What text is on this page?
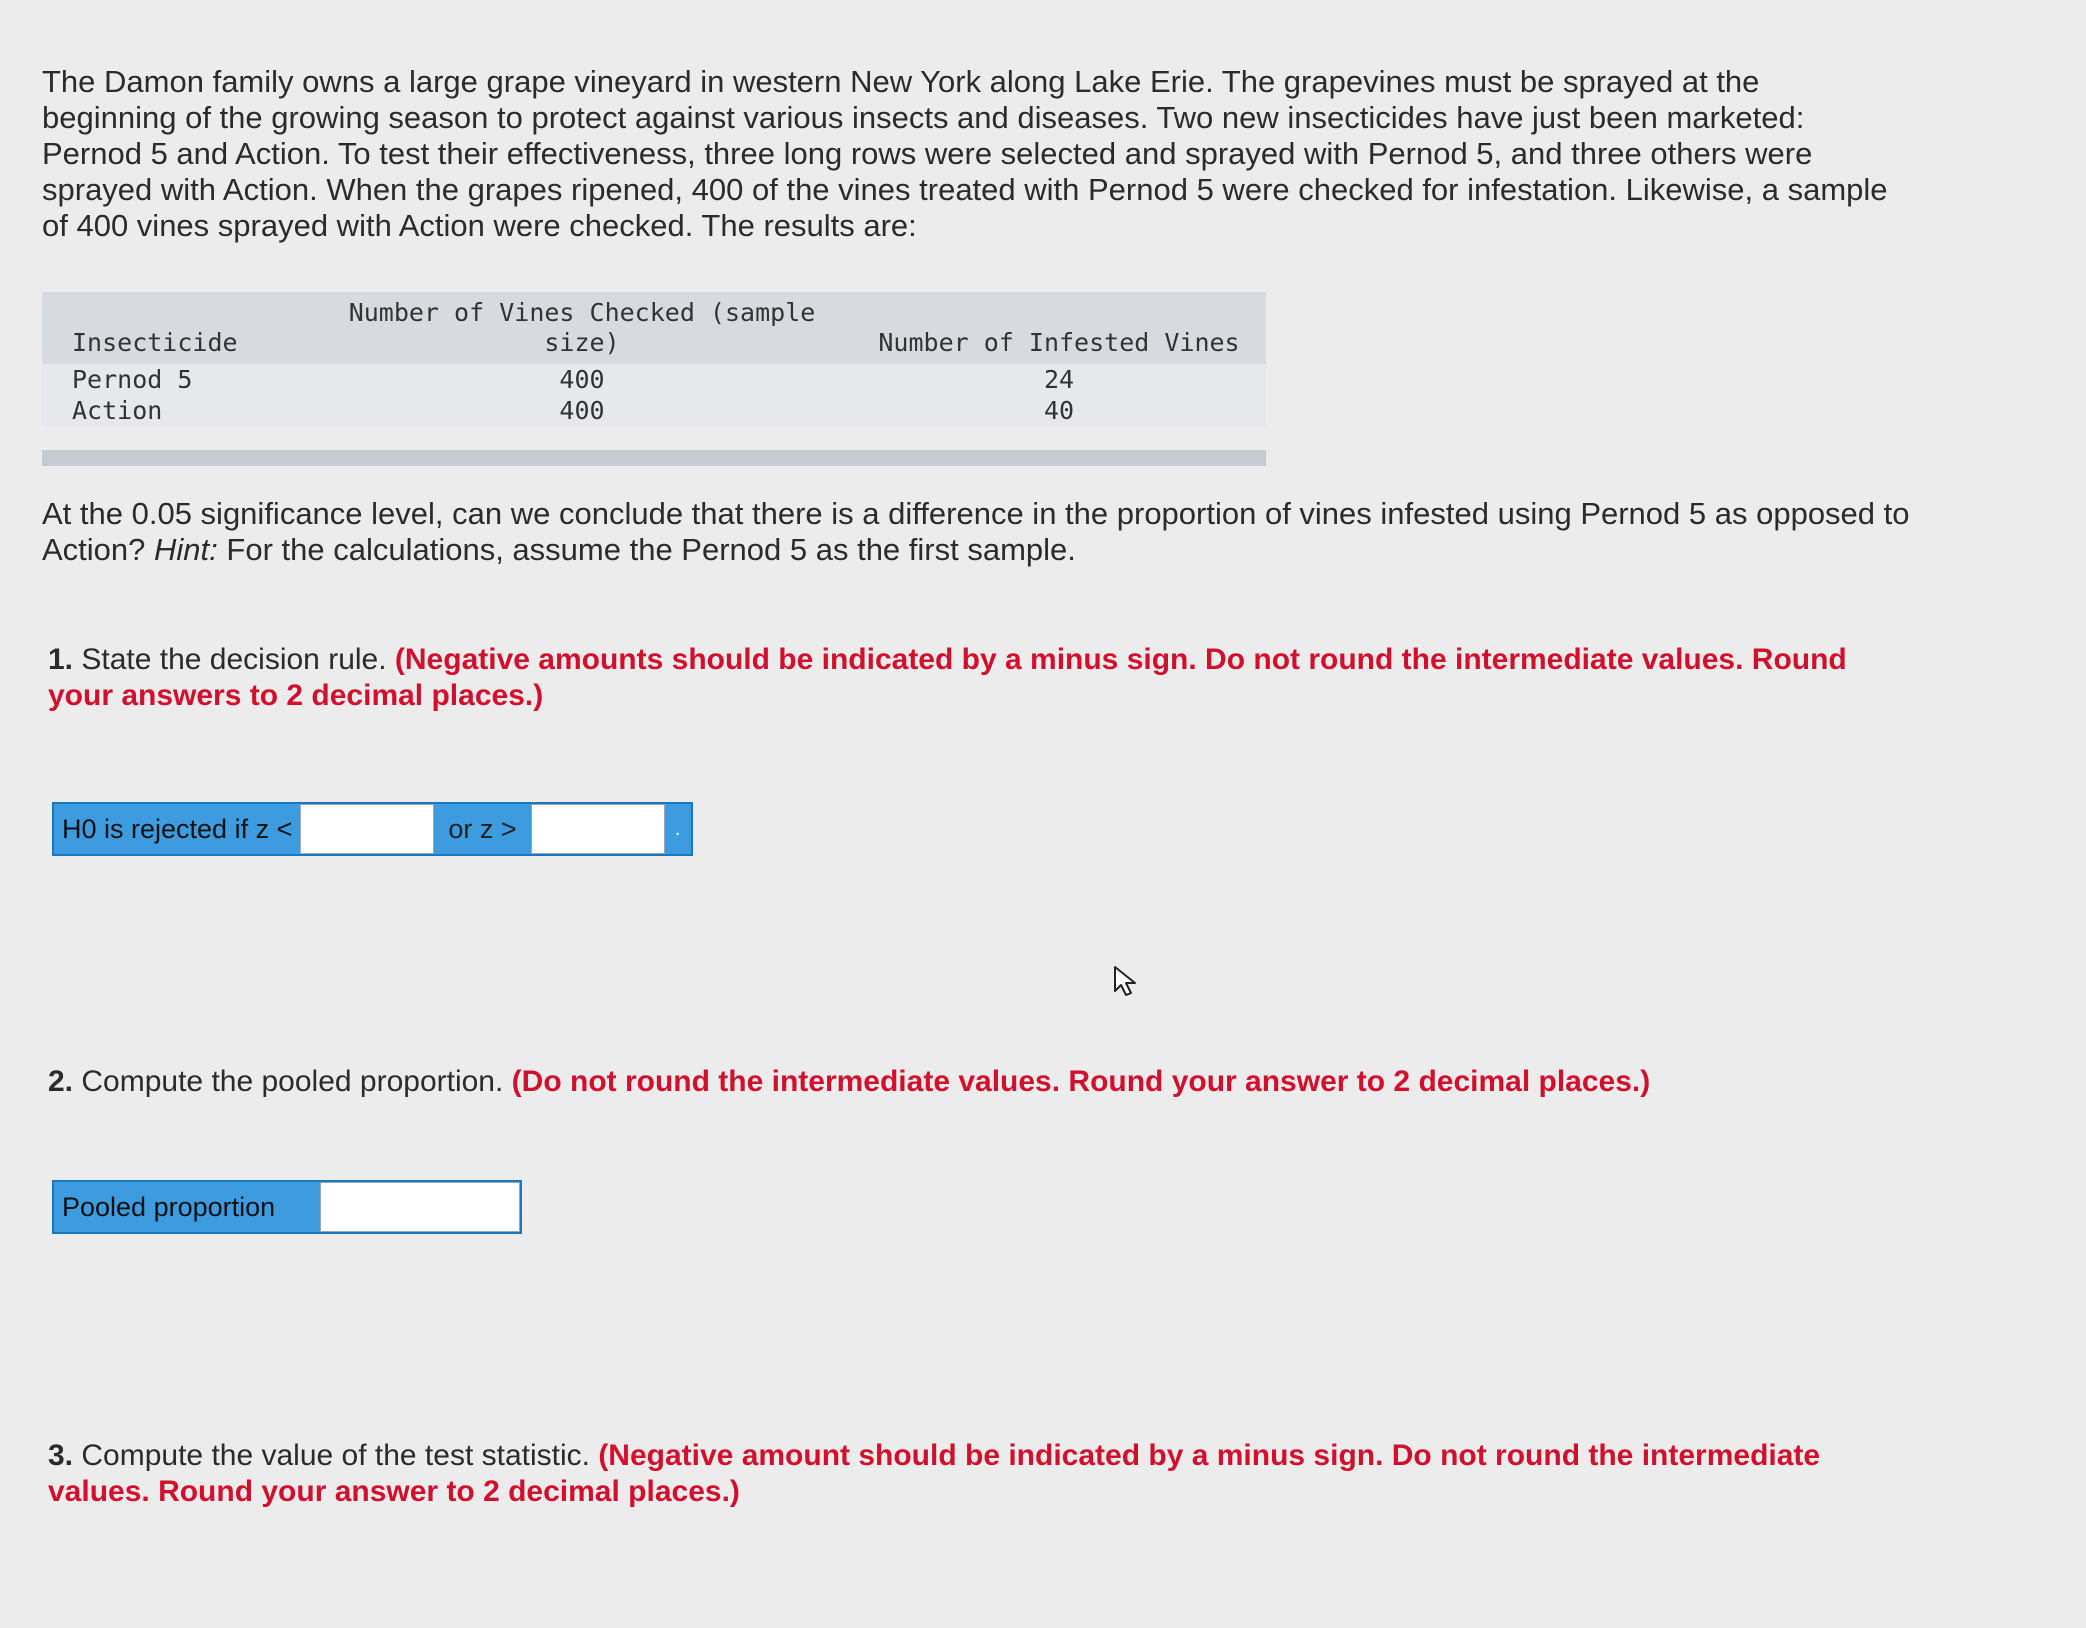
The Damon family owns a large grape vineyard in western New York along Lake Erie. The grapevines must be sprayed at the beginning of the growing season to protect against various insects and diseases. Two new insecticides have just been marketed: Pernod 5 and Action. To test their effectiveness, three long rows were selected and sprayed with Pernod 5, and three others were sprayed with Action. When the grapes ripened, 400 of the vines treated with Pernod 5 were checked for infestation. Likewise, a sample of 400 vines sprayed with Action were checked. The results are:

Insecticide	Number of Vines Checked (sample size)	Number of Infested Vines
Pernod 5	400	24
Action	400	40

At the 0.05 significance level, can we conclude that there is a difference in the proportion of vines infested using Pernod 5 as opposed to Action? Hint: For the calculations, assume the Pernod 5 as the first sample.

1. State the decision rule. (Negative amounts should be indicated by a minus sign. Do not round the intermediate values. Round your answers to 2 decimal places.)

H0 is rejected if z <	or z >	.

2. Compute the pooled proportion. (Do not round the intermediate values. Round your answer to 2 decimal places.)

Pooled proportion

3. Compute the value of the test statistic. (Negative amount should be indicated by a minus sign. Do not round the intermediate values. Round your answer to 2 decimal places.)
